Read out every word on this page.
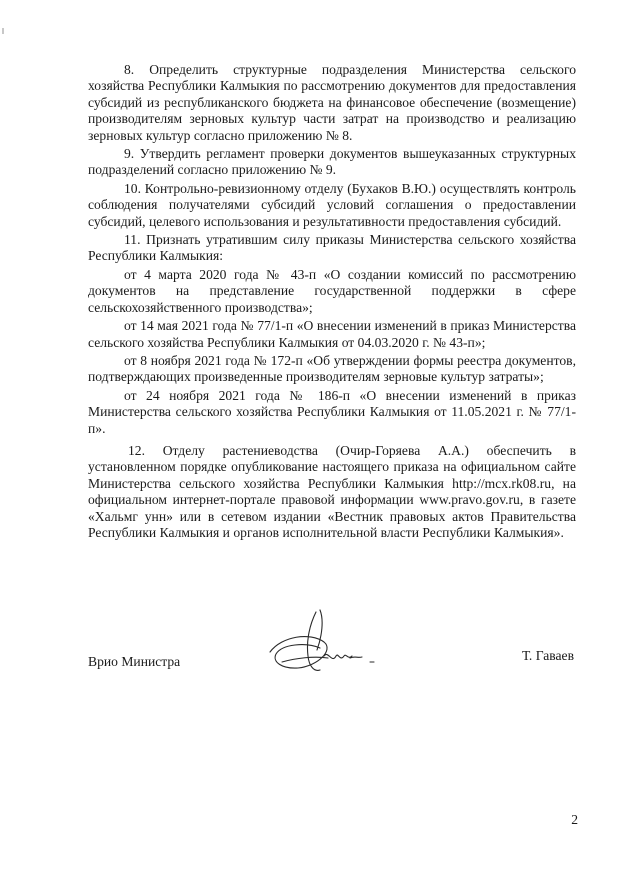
8. Определить структурные подразделения Министерства сельского хозяйства Республики Калмыкия по рассмотрению документов для предоставления субсидий из республиканского бюджета на финансовое обеспечение (возмещение) производителям зерновых культур части затрат на производство и реализацию зерновых культур согласно приложению № 8.

9. Утвердить регламент проверки документов вышеуказанных структурных подразделений согласно приложению № 9.

10. Контрольно-ревизионному отделу (Бухаков В.Ю.) осуществлять контроль соблюдения получателями субсидий условий соглашения о предоставлении субсидий, целевого использования и результативности предоставления субсидий.

11. Признать утратившим силу приказы Министерства сельского хозяйства Республики Калмыкия:

от 4 марта 2020 года № 43-п «О создании комиссий по рассмотрению документов на представление государственной поддержки в сфере сельскохозяйственного производства»;

от 14 мая 2021 года № 77/1-п «О внесении изменений в приказ Министерства сельского хозяйства Республики Калмыкия от 04.03.2020 г. № 43-п»;

от 8 ноября 2021 года № 172-п «Об утверждении формы реестра документов, подтверждающих произведенные производителям зерновые культур затраты»;

от 24 ноября 2021 года № 186-п «О внесении изменений в приказ Министерства сельского хозяйства Республики Калмыкия от 11.05.2021 г. № 77/1-п».

12. Отделу растениеводства (Очир-Горяева А.А.) обеспечить в установленном порядке опубликование настоящего приказа на официальном сайте Министерства сельского хозяйства Республики Калмыкия http://mcx.rk08.ru, на официальном интернет-портале правовой информации www.pravo.gov.ru, в газете «Хальмг унн» или в сетевом издании «Вестник правовых актов Правительства Республики Калмыкия и органов исполнительной власти Республики Калмыкия».

Врио Министра	Т. Гаваев
2
